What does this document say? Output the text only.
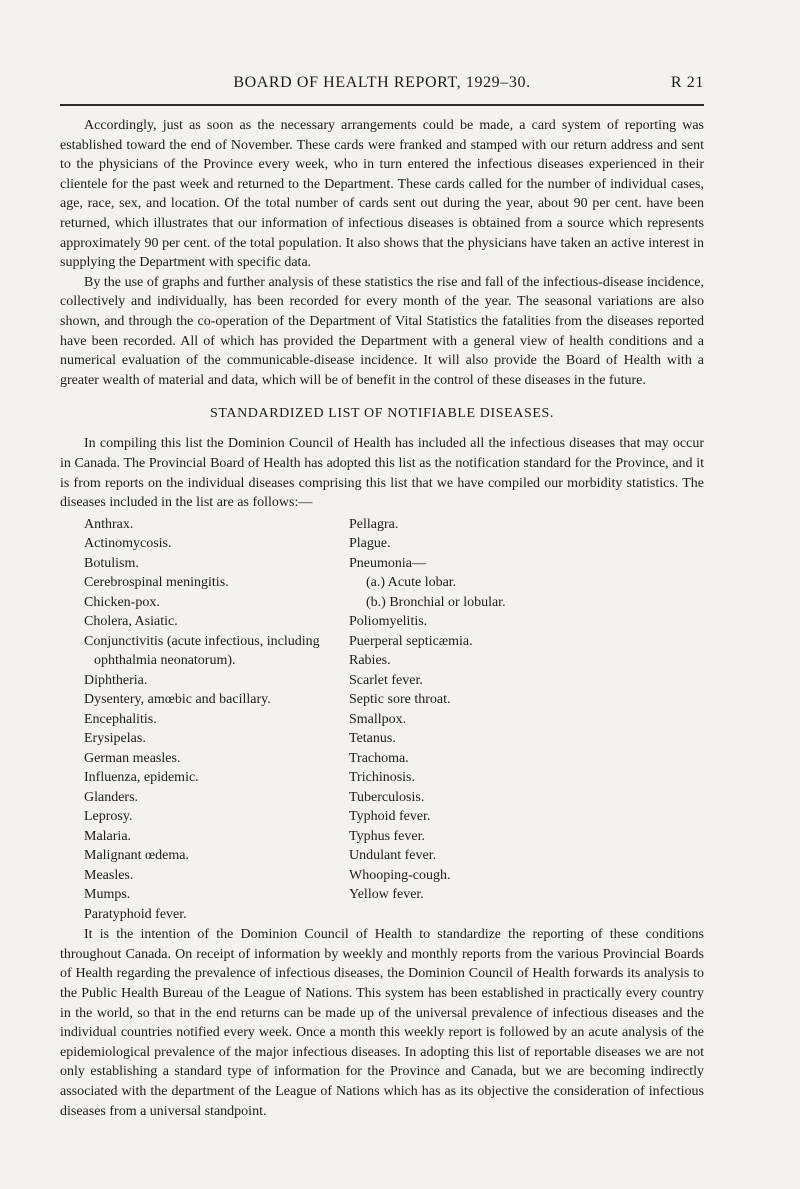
BOARD OF HEALTH REPORT, 1929–30.	R 21

Accordingly, just as soon as the necessary arrangements could be made, a card system of reporting was established toward the end of November. These cards were franked and stamped with our return address and sent to the physicians of the Province every week, who in turn entered the infectious diseases experienced in their clientele for the past week and returned to the Department. These cards called for the number of individual cases, age, race, sex, and location. Of the total number of cards sent out during the year, about 90 per cent. have been returned, which illustrates that our information of infectious diseases is obtained from a source which represents approximately 90 per cent. of the total population. It also shows that the physicians have taken an active interest in supplying the Department with specific data.

By the use of graphs and further analysis of these statistics the rise and fall of the infectious-disease incidence, collectively and individually, has been recorded for every month of the year. The seasonal variations are also shown, and through the co-operation of the Department of Vital Statistics the fatalities from the diseases reported have been recorded. All of which has provided the Department with a general view of health conditions and a numerical evaluation of the communicable-disease incidence. It will also provide the Board of Health with a greater wealth of material and data, which will be of benefit in the control of these diseases in the future.

STANDARDIZED LIST OF NOTIFIABLE DISEASES.

In compiling this list the Dominion Council of Health has included all the infectious diseases that may occur in Canada. The Provincial Board of Health has adopted this list as the notification standard for the Province, and it is from reports on the individual diseases comprising this list that we have compiled our morbidity statistics. The diseases included in the list are as follows:—

Anthrax.
Actinomycosis.
Botulism.
Cerebrospinal meningitis.
Chicken-pox.
Cholera, Asiatic.
Conjunctivitis (acute infectious, including ophthalmia neonatorum).
Diphtheria.
Dysentery, amœbic and bacillary.
Encephalitis.
Erysipelas.
German measles.
Influenza, epidemic.
Glanders.
Leprosy.
Malaria.
Malignant œdema.
Measles.
Mumps.
Paratyphoid fever.
Pellagra.
Plague.
Pneumonia—
(a.) Acute lobar.
(b.) Bronchial or lobular.
Poliomyelitis.
Puerperal septicæmia.
Rabies.
Scarlet fever.
Septic sore throat.
Smallpox.
Tetanus.
Trachoma.
Trichinosis.
Tuberculosis.
Typhoid fever.
Typhus fever.
Undulant fever.
Whooping-cough.
Yellow fever.

It is the intention of the Dominion Council of Health to standardize the reporting of these conditions throughout Canada. On receipt of information by weekly and monthly reports from the various Provincial Boards of Health regarding the prevalence of infectious diseases, the Dominion Council of Health forwards its analysis to the Public Health Bureau of the League of Nations. This system has been established in practically every country in the world, so that in the end returns can be made up of the universal prevalence of infectious diseases and the individual countries notified every week. Once a month this weekly report is followed by an acute analysis of the epidemiological prevalence of the major infectious diseases. In adopting this list of reportable diseases we are not only establishing a standard type of information for the Province and Canada, but we are becoming indirectly associated with the department of the League of Nations which has as its objective the consideration of infectious diseases from a universal standpoint.
